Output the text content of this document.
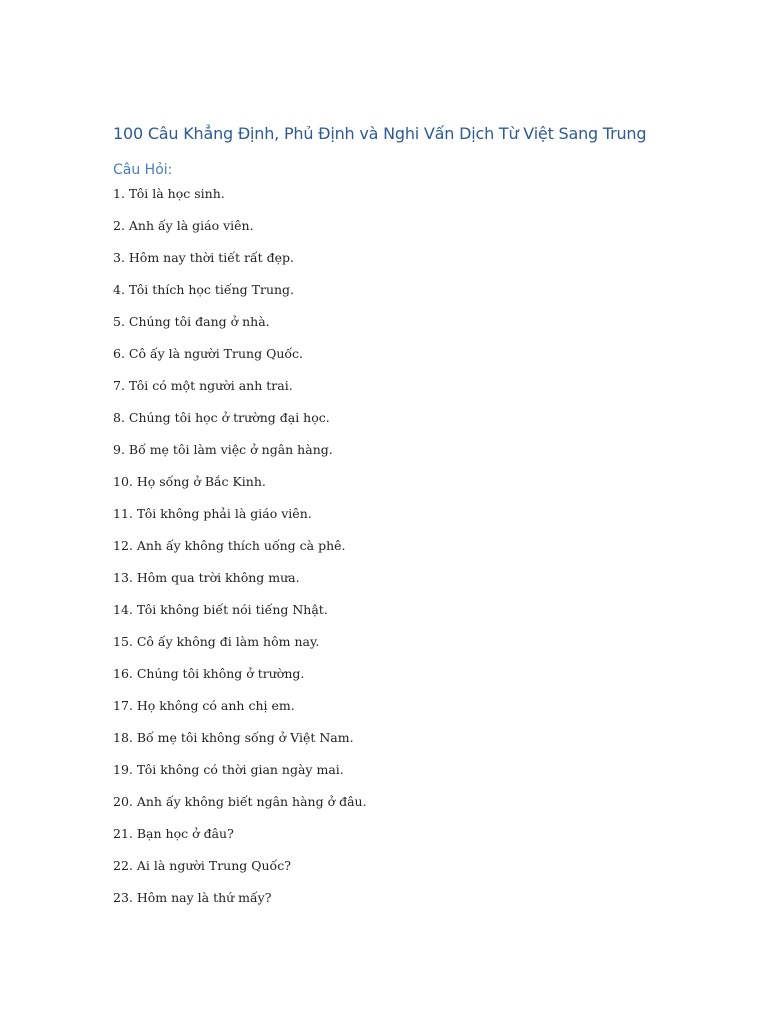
100 Câu Khẳng Định, Phủ Định và Nghi Vấn Dịch Từ Việt Sang Trung
Câu Hỏi:
1. Tôi là học sinh.
2. Anh ấy là giáo viên.
3. Hôm nay thời tiết rất đẹp.
4. Tôi thích học tiếng Trung.
5. Chúng tôi đang ở nhà.
6. Cô ấy là người Trung Quốc.
7. Tôi có một người anh trai.
8. Chúng tôi học ở trường đại học.
9. Bố mẹ tôi làm việc ở ngân hàng.
10. Họ sống ở Bắc Kinh.
11. Tôi không phải là giáo viên.
12. Anh ấy không thích uống cà phê.
13. Hôm qua trời không mưa.
14. Tôi không biết nói tiếng Nhật.
15. Cô ấy không đi làm hôm nay.
16. Chúng tôi không ở trường.
17. Họ không có anh chị em.
18. Bố mẹ tôi không sống ở Việt Nam.
19. Tôi không có thời gian ngày mai.
20. Anh ấy không biết ngân hàng ở đâu.
21. Bạn học ở đâu?
22. Ai là người Trung Quốc?
23. Hôm nay là thứ mấy?
